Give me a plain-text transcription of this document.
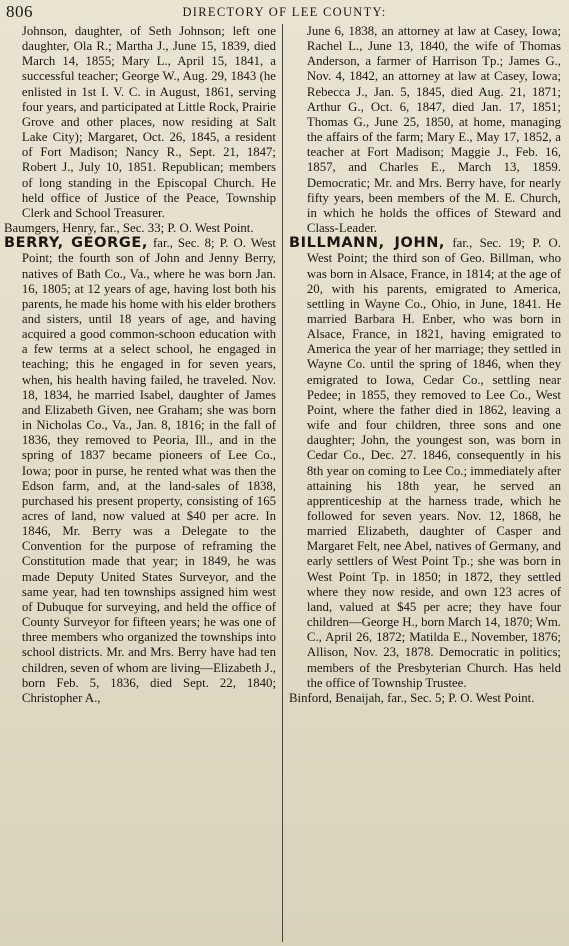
806	DIRECTORY OF LEE COUNTY:

Johnson, daughter, of Seth Johnson; left one daughter, Ola R.; Martha J., June 15, 1839, died March 14, 1855; Mary L., April 15, 1841, a successful teacher; George W., Aug. 29, 1843 (he enlisted in 1st I. V. C. in August, 1861, serving four years, and participated at Little Rock, Prairie Grove and other places, now residing at Salt Lake City); Margaret, Oct. 26, 1845, a resident of Fort Madison; Nancy R., Sept. 21, 1847; Robert J., July 10, 1851. Republican; members of long standing in the Episcopal Church. He held office of Justice of the Peace, Township Clerk and School Treasurer.

Baumgers, Henry, far., Sec. 33; P. O. West Point.

BERRY, GEORGE, far., Sec. 8; P. O. West Point; the fourth son of John and Jenny Berry, natives of Bath Co., Va., where he was born Jan. 16, 1805; at 12 years of age, having lost both his parents, he made his home with his elder brothers and sisters, until 18 years of age, and having acquired a good common-schoon education with a few terms at a select school, he engaged in teaching; this he engaged in for seven years, when, his health having failed, he traveled. Nov. 18, 1834, he married Isabel, daughter of James and Elizabeth Given, nee Graham; she was born in Nicholas Co., Va., Jan. 8, 1816; in the fall of 1836, they removed to Peoria, Ill., and in the spring of 1837 became pioneers of Lee Co., Iowa; poor in purse, he rented what was then the Edson farm, and, at the land-sales of 1838, purchased his present property, consisting of 165 acres of land, now valued at $40 per acre. In 1846, Mr. Berry was a Delegate to the Convention for the purpose of reframing the Constitution made that year; in 1849, he was made Deputy United States Surveyor, and the same year, had ten townships assigned him west of Dubuque for surveying, and held the office of County Surveyor for fifteen years; he was one of three members who organized the townships into school districts. Mr. and Mrs. Berry have had ten children, seven of whom are living—Elizabeth J., born Feb. 5, 1836, died Sept. 22, 1840; Christopher A.,

June 6, 1838, an attorney at law at Casey, Iowa; Rachel L., June 13, 1840, the wife of Thomas Anderson, a farmer of Harrison Tp.; James G., Nov. 4, 1842, an attorney at law at Casey, Iowa; Rebecca J., Jan. 5, 1845, died Aug. 21, 1871; Arthur G., Oct. 6, 1847, died Jan. 17, 1851; Thomas G., June 25, 1850, at home, managing the affairs of the farm; Mary E., May 17, 1852, a teacher at Fort Madison; Maggie J., Feb. 16, 1857, and Charles E., March 13, 1859. Democratic; Mr. and Mrs. Berry have, for nearly fifty years, been members of the M. E. Church, in which he holds the offices of Steward and Class-Leader.

BILLMANN, JOHN, far., Sec. 19; P. O. West Point; the third son of Geo. Billman, who was born in Alsace, France, in 1814; at the age of 20, with his parents, emigrated to America, settling in Wayne Co., Ohio, in June, 1841. He married Barbara H. Enber, who was born in Alsace, France, in 1821, having emigrated to America the year of her marriage; they settled in Wayne Co. until the spring of 1846, when they emigrated to Iowa, Cedar Co., settling near Pedee; in 1855, they removed to Lee Co., West Point, where the father died in 1862, leaving a wife and four children, three sons and one daughter; John, the youngest son, was born in Cedar Co., Dec. 27. 1846, consequently in his 8th year on coming to Lee Co.; immediately after attaining his 18th year, he served an apprenticeship at the harness trade, which he followed for seven years. Nov. 12, 1868, he married Elizabeth, daughter of Casper and Margaret Felt, nee Abel, natives of Germany, and early settlers of West Point Tp.; she was born in West Point Tp. in 1850; in 1872, they settled where they now reside, and own 123 acres of land, valued at $45 per acre; they have four children—George H., born March 14, 1870; Wm. C., April 26, 1872; Matilda E., November, 1876; Allison, Nov. 23, 1878. Democratic in politics; members of the Presbyterian Church. Has held the office of Township Trustee.

Binford, Benaijah, far., Sec. 5; P. O. West Point.
